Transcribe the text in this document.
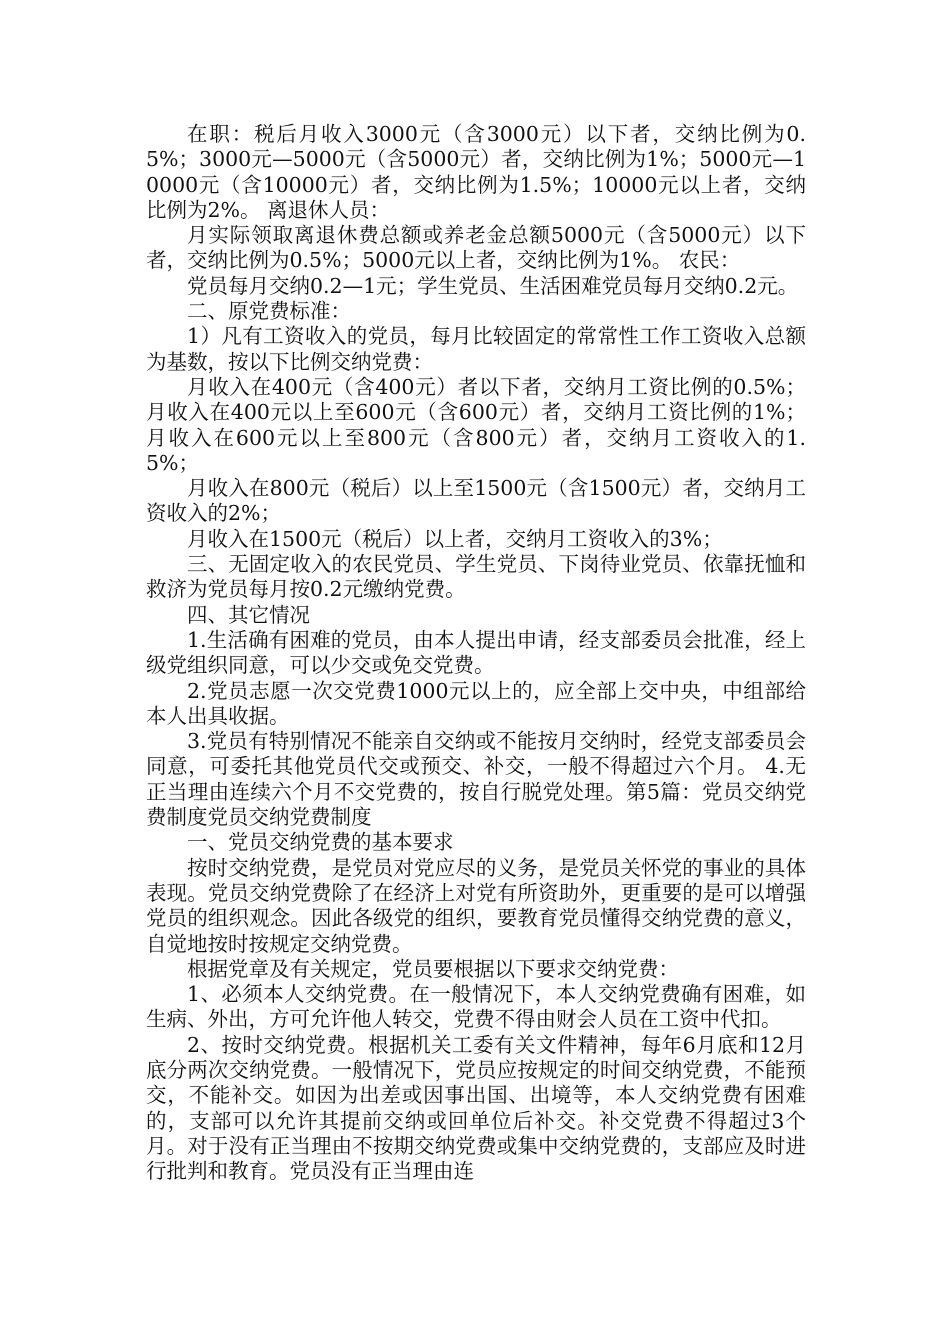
在职：税后月收入3000元（含3000元）以下者，交纳比例为0.5%；3000元—5000元（含5000元）者，交纳比例为1%；5000元—10000元（含10000元）者，交纳比例为1.5%；10000元以上者，交纳比例为2%。 离退休人员：

月实际领取离退休费总额或养老金总额5000元（含5000元）以下者，交纳比例为0.5%；5000元以上者，交纳比例为1%。 农民：

党员每月交纳0.2—1元；学生党员、生活困难党员每月交纳0.2元。

二、原党费标准：

1）凡有工资收入的党员，每月比较固定的常常性工作工资收入总额为基数，按以下比例交纳党费：

月收入在400元（含400元）者以下者，交纳月工资比例的0.5%； 月收入在400元以上至600元（含600元）者，交纳月工资比例的1%； 月收入在600元以上至800元（含800元）者，交纳月工资收入的1.5%；

月收入在800元（税后）以上至1500元（含1500元）者，交纳月工资收入的2%；

月收入在1500元（税后）以上者，交纳月工资收入的3%；

三、无固定收入的农民党员、学生党员、下岗待业党员、依靠抚恤和救济为党员每月按0.2元缴纳党费。

四、其它情况

1.生活确有困难的党员，由本人提出申请，经支部委员会批准，经上级党组织同意，可以少交或免交党费。

2.党员志愿一次交党费1000元以上的，应全部上交中央，中组部给本人出具收据。

3.党员有特别情况不能亲自交纳或不能按月交纳时，经党支部委员会同意，可委托其他党员代交或预交、补交，一般不得超过六个月。 4.无正当理由连续六个月不交党费的，按自行脱党处理。第5篇：党员交纳党费制度党员交纳党费制度

一、党员交纳党费的基本要求

按时交纳党费，是党员对党应尽的义务，是党员关怀党的事业的具体表现。党员交纳党费除了在经济上对党有所资助外，更重要的是可以增强党员的组织观念。因此各级党的组织，要教育党员懂得交纳党费的意义，自觉地按时按规定交纳党费。

根据党章及有关规定，党员要根据以下要求交纳党费：

1、必须本人交纳党费。在一般情况下，本人交纳党费确有困难，如生病、外出，方可允许他人转交，党费不得由财会人员在工资中代扣。

2、按时交纳党费。根据机关工委有关文件精神，每年6月底和12月底分两次交纳党费。一般情况下，党员应按规定的时间交纳党费，不能预交，不能补交。如因为出差或因事出国、出境等，本人交纳党费有困难的，支部可以允许其提前交纳或回单位后补交。补交党费不得超过3个月。对于没有正当理由不按期交纳党费或集中交纳党费的，支部应及时进行批判和教育。党员没有正当理由连
